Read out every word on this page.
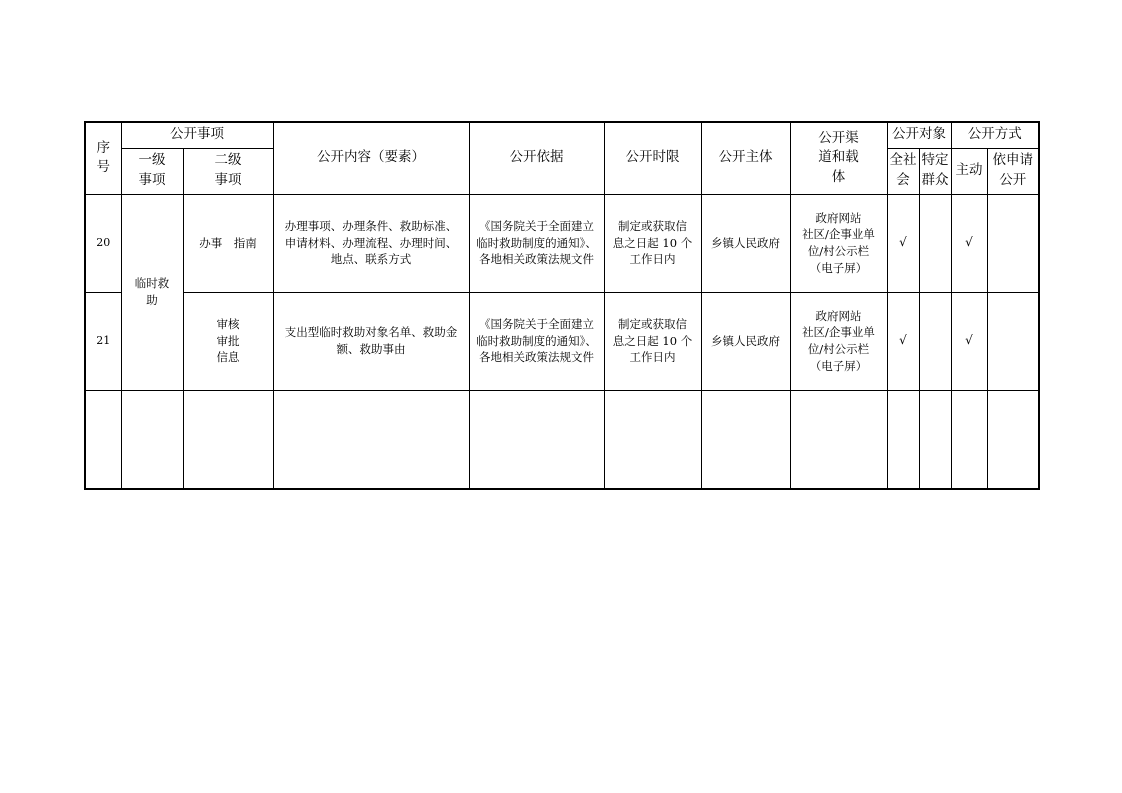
序号	公开事项		公开内容（要素）	公开依据	公开时限	公开主体	公开渠道和载体	公开对象		公开方式	

	一级事项	二级事项						全社会	特定群众	主动	依申请公开

20	临时救助	办事　指南	办理事项、办理条件、救助标准、申请材料、办理流程、办理时间、地点、联系方式	《国务院关于全面建立临时救助制度的通知》、各地相关政策法规文件	制定或获取信息之日起 10 个工作日内	乡镇人民政府	政府网站
社区/企事业单位/村公示栏（电子屏）	√		√	
21		审核审批信息	支出型临时救助对象名单、救助金额、救助事由	《国务院关于全面建立临时救助制度的通知》、各地相关政策法规文件	制定或获取信息之日起 10 个工作日内	乡镇人民政府	政府网站
社区/企事业单位/村公示栏（电子屏）	√		√	
